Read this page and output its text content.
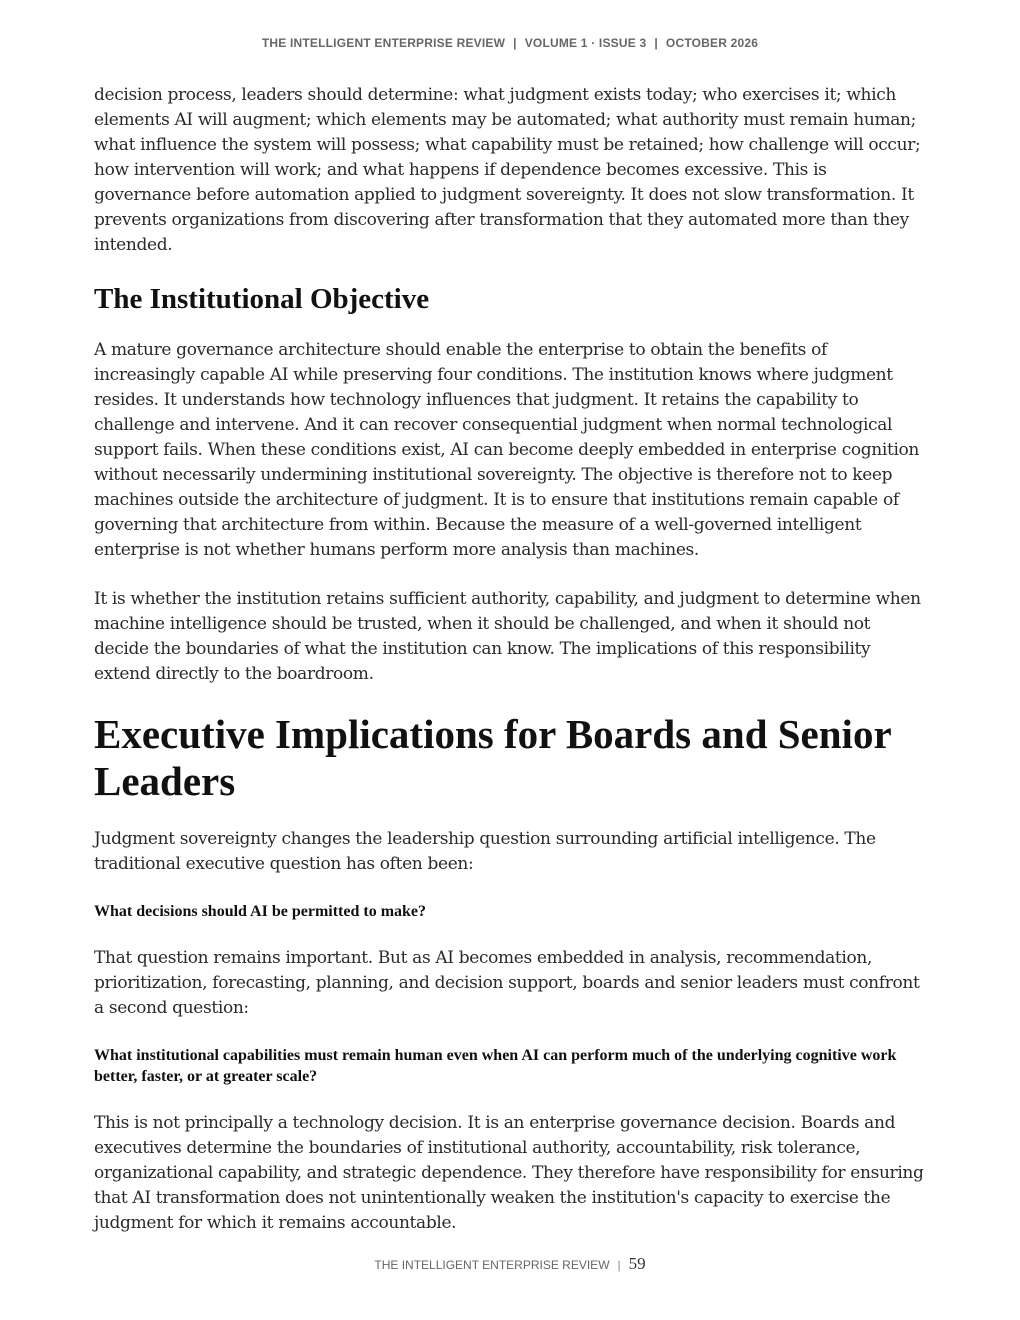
THE INTELLIGENT ENTERPRISE REVIEW | VOLUME 1 · ISSUE 3 | OCTOBER 2026

decision process, leaders should determine: what judgment exists today; who exercises it; which elements AI will augment; which elements may be automated; what authority must remain human; what influence the system will possess; what capability must be retained; how challenge will occur; how intervention will work; and what happens if dependence becomes excessive. This is governance before automation applied to judgment sovereignty. It does not slow transformation. It prevents organizations from discovering after transformation that they automated more than they intended.

The Institutional Objective

A mature governance architecture should enable the enterprise to obtain the benefits of increasingly capable AI while preserving four conditions. The institution knows where judgment resides. It understands how technology influences that judgment. It retains the capability to challenge and intervene. And it can recover consequential judgment when normal technological support fails. When these conditions exist, AI can become deeply embedded in enterprise cognition without necessarily undermining institutional sovereignty. The objective is therefore not to keep machines outside the architecture of judgment. It is to ensure that institutions remain capable of governing that architecture from within. Because the measure of a well-governed intelligent enterprise is not whether humans perform more analysis than machines.

It is whether the institution retains sufficient authority, capability, and judgment to determine when machine intelligence should be trusted, when it should be challenged, and when it should not decide the boundaries of what the institution can know. The implications of this responsibility extend directly to the boardroom.

Executive Implications for Boards and Senior Leaders

Judgment sovereignty changes the leadership question surrounding artificial intelligence. The traditional executive question has often been:

What decisions should AI be permitted to make?

That question remains important. But as AI becomes embedded in analysis, recommendation, prioritization, forecasting, planning, and decision support, boards and senior leaders must confront a second question:

What institutional capabilities must remain human even when AI can perform much of the underlying cognitive work better, faster, or at greater scale?

This is not principally a technology decision. It is an enterprise governance decision. Boards and executives determine the boundaries of institutional authority, accountability, risk tolerance, organizational capability, and strategic dependence. They therefore have responsibility for ensuring that AI transformation does not unintentionally weaken the institution's capacity to exercise the judgment for which it remains accountable.

THE INTELLIGENT ENTERPRISE REVIEW | 59
